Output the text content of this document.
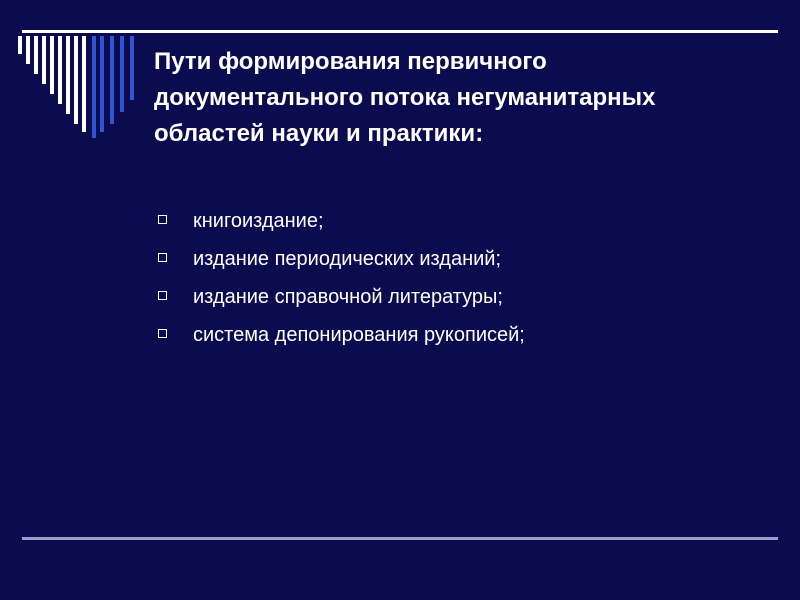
Пути формирования первичного документального потока негуманитарных областей науки и практики:
книгоиздание;
издание периодических изданий;
издание справочной литературы;
система депонирования рукописей;
